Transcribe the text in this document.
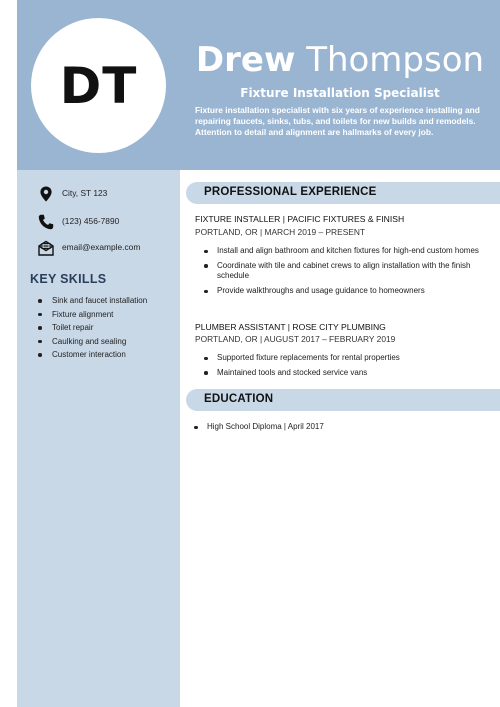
DT	Drew Thompson
Fixture Installation Specialist
Fixture installation specialist with six years of experience installing and repairing faucets, sinks, tubs, and toilets for new builds and remodels. Attention to detail and alignment are hallmarks of every job.
City, ST 123
(123) 456-7890
email@example.com
KEY SKILLS
Sink and faucet installation
Fixture alignment
Toilet repair
Caulking and sealing
Customer interaction
PROFESSIONAL EXPERIENCE
FIXTURE INSTALLER | PACIFIC FIXTURES & FINISH
PORTLAND, OR | MARCH 2019 – PRESENT
Install and align bathroom and kitchen fixtures for high-end custom homes
Coordinate with tile and cabinet crews to align installation with the finish schedule
Provide walkthroughs and usage guidance to homeowners
PLUMBER ASSISTANT | ROSE CITY PLUMBING
PORTLAND, OR | AUGUST 2017 – FEBRUARY 2019
Supported fixture replacements for rental properties
Maintained tools and stocked service vans
EDUCATION
High School Diploma | April 2017
